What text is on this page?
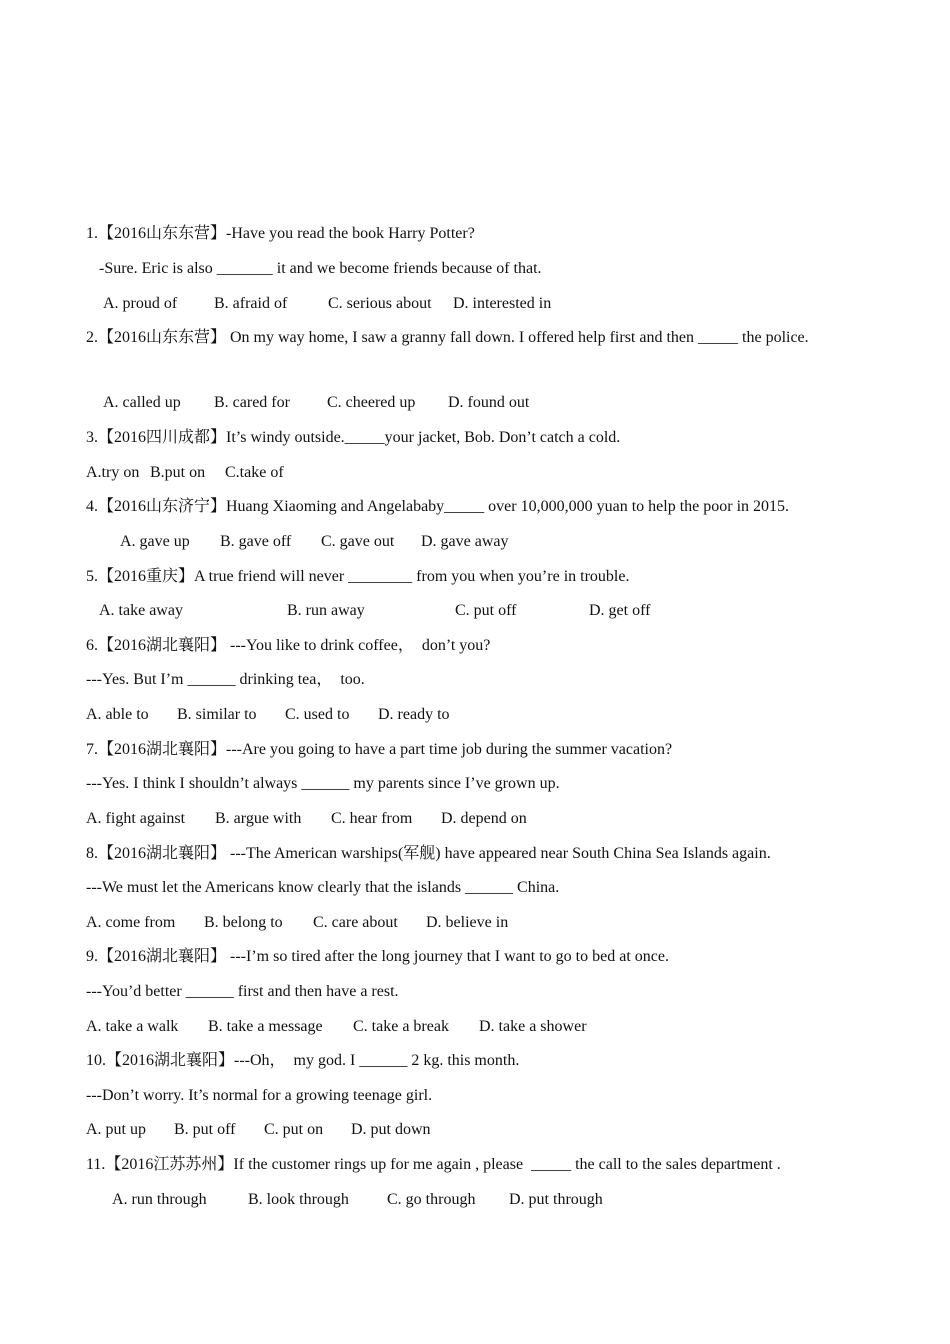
1.【2016山东东营】-Have you read the book Harry Potter?
-Sure. Eric is also _______ it and we become friends because of that.
A. proud of B. afraid of	C. serious about D. interested in
2.【2016山东东营】 On my way home, I saw a granny fall down. I offered help first and then _____ the police.
A. called up B. cared for C. cheered up D. found out
3.【2016四川成都】It’s windy outside._____your jacket, Bob. Don’t catch a cold.
A.try on B.put on C.take of
4.【2016山东济宁】Huang Xiaoming and Angelababy_____ over 10,000,000 yuan to help the poor in 2015.
A. gave up B. gave off C. gave out D. gave away
5.【2016重庆】A true friend will never ________ from you when you’re in trouble.
A. take away	B. run away	C. put off	D. get off
6.【2016湖北襄阳】 ---You like to drink coffee，  don’t you?
---Yes. But I’m ______ drinking tea，  too.
A. able to B. similar to C. used to D. ready to
7.【2016湖北襄阳】---Are you going to have a part time job during the summer vacation?
---Yes. I think I shouldn’t always ______ my parents since I’ve grown up.
A. fight against B. argue with C. hear from D. depend on
8.【2016湖北襄阳】 ---The American warships(军舰) have appeared near South China Sea Islands again.
---We must let the Americans know clearly that the islands ______ China.
A. come from B. belong to C. care about D. believe in
9.【2016湖北襄阳】 ---I’m so tired after the long journey that I want to go to bed at once.
---You’d better ______ first and then have a rest.
A. take a walk B. take a message C. take a break D. take a shower
10.【2016湖北襄阳】---Oh，  my god. I ______ 2 kg. this month.
---Don’t worry. It’s normal for a growing teenage girl.
A. put up B. put off C. put on D. put down
11.【2016江苏苏州】If the customer rings up for me again , please  _____ the call to the sales department .
A. run through	B. look through C. go through D. put through
